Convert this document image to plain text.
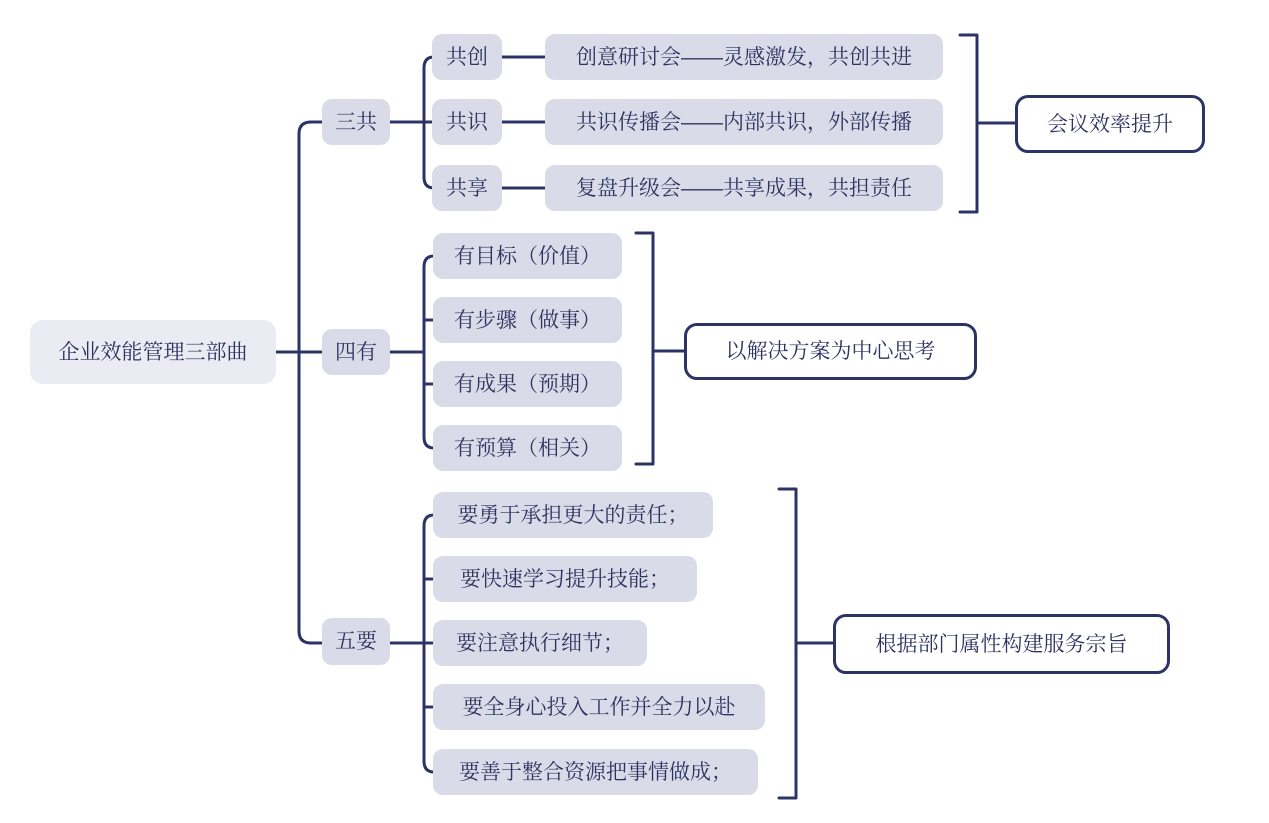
企业效能管理三部曲
三共
四有
五要
共创
共识
共享
创意研讨会——灵感激发，共创共进
共识传播会——内部共识，外部传播
复盘升级会——共享成果，共担责任
有目标（价值）
有步骤（做事）
有成果（预期）
有预算（相关）
要勇于承担更大的责任；
要快速学习提升技能；
要注意执行细节；
要全身心投入工作并全力以赴
要善于整合资源把事情做成；
会议效率提升
以解决方案为中心思考
根据部门属性构建服务宗旨
